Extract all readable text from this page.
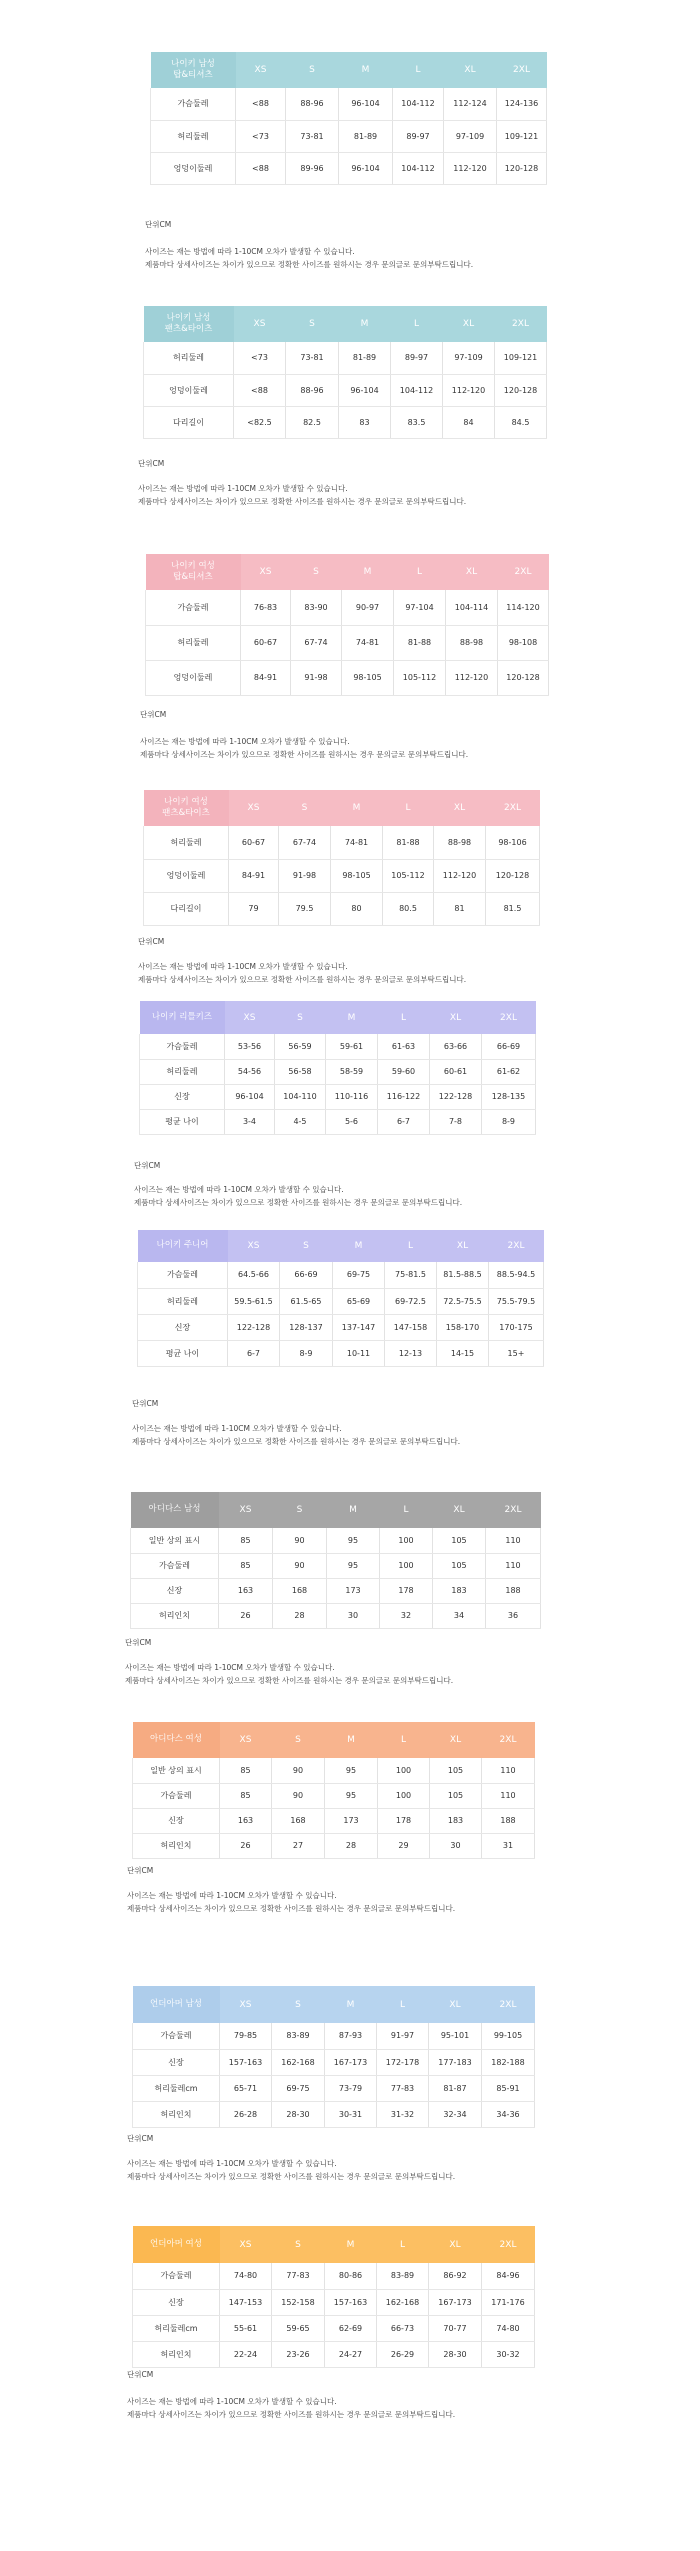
나이키 남성
탑&티셔츠	XS	S	M	L	XL	2XL
가슴둘레	<88	88-96	96-104	104-112	112-124	124-136
허리둘레	<73	73-81	81-89	89-97	97-109	109-121
엉덩이둘레	<88	89-96	96-104	104-112	112-120	120-128
단위CM
사이즈는 재는 방법에 따라 1-10CM 오차가 발생할 수 있습니다.
제품마다 상세사이즈는 차이가 있으므로 정확한 사이즈를 원하시는 경우 문의글로 문의부탁드립니다.
나이키 남성
팬츠&타이츠	XS	S	M	L	XL	2XL
허리둘레	<73	73-81	81-89	89-97	97-109	109-121
엉덩이둘레	<88	88-96	96-104	104-112	112-120	120-128
다리길이	<82.5	82.5	83	83.5	84	84.5
단위CM
사이즈는 재는 방법에 따라 1-10CM 오차가 발생할 수 있습니다.
제품마다 상세사이즈는 차이가 있으므로 정확한 사이즈를 원하시는 경우 문의글로 문의부탁드립니다.
나이키 여성
탑&티셔츠	XS	S	M	L	XL	2XL
가슴둘레	76-83	83-90	90-97	97-104	104-114	114-120
허리둘레	60-67	67-74	74-81	81-88	88-98	98-108
엉덩이둘레	84-91	91-98	98-105	105-112	112-120	120-128
단위CM
사이즈는 재는 방법에 따라 1-10CM 오차가 발생할 수 있습니다.
제품마다 상세사이즈는 차이가 있으므로 정확한 사이즈를 원하시는 경우 문의글로 문의부탁드립니다.
나이키 여성
팬츠&타이츠	XS	S	M	L	XL	2XL
허리둘레	60-67	67-74	74-81	81-88	88-98	98-106
엉덩이둘레	84-91	91-98	98-105	105-112	112-120	120-128
다리길이	79	79.5	80	80.5	81	81.5
단위CM
사이즈는 재는 방법에 따라 1-10CM 오차가 발생할 수 있습니다.
제품마다 상세사이즈는 차이가 있으므로 정확한 사이즈를 원하시는 경우 문의글로 문의부탁드립니다.
나이키 리틀키즈	XS	S	M	L	XL	2XL
가슴둘레	53-56	56-59	59-61	61-63	63-66	66-69
허리둘레	54-56	56-58	58-59	59-60	60-61	61-62
신장	96-104	104-110	110-116	116-122	122-128	128-135
평균 나이	3-4	4-5	5-6	6-7	7-8	8-9
단위CM
사이즈는 재는 방법에 따라 1-10CM 오차가 발생할 수 있습니다.
제품마다 상세사이즈는 차이가 있으므로 정확한 사이즈를 원하시는 경우 문의글로 문의부탁드립니다.
나이키 주니어	XS	S	M	L	XL	2XL
가슴둘레	64.5-66	66-69	69-75	75-81.5	81.5-88.5	88.5-94.5
허리둘레	59.5-61.5	61.5-65	65-69	69-72.5	72.5-75.5	75.5-79.5
신장	122-128	128-137	137-147	147-158	158-170	170-175
평균 나이	6-7	8-9	10-11	12-13	14-15	15+
단위CM
사이즈는 재는 방법에 따라 1-10CM 오차가 발생할 수 있습니다.
제품마다 상세사이즈는 차이가 있으므로 정확한 사이즈를 원하시는 경우 문의글로 문의부탁드립니다.
아디다스 남성	XS	S	M	L	XL	2XL
일반 상의 표시	85	90	95	100	105	110
가슴둘레	85	90	95	100	105	110
신장	163	168	173	178	183	188
허리인치	26	28	30	32	34	36
단위CM
사이즈는 재는 방법에 따라 1-10CM 오차가 발생할 수 있습니다.
제품마다 상세사이즈는 차이가 있으므로 정확한 사이즈를 원하시는 경우 문의글로 문의부탁드립니다.
아디다스 여성	XS	S	M	L	XL	2XL
일반 상의 표시	85	90	95	100	105	110
가슴둘레	85	90	95	100	105	110
신장	163	168	173	178	183	188
허리인치	26	27	28	29	30	31
단위CM
사이즈는 재는 방법에 따라 1-10CM 오차가 발생할 수 있습니다.
제품마다 상세사이즈는 차이가 있으므로 정확한 사이즈를 원하시는 경우 문의글로 문의부탁드립니다.
언더아머 남성	XS	S	M	L	XL	2XL
가슴둘레	79-85	83-89	87-93	91-97	95-101	99-105
신장	157-163	162-168	167-173	172-178	177-183	182-188
허리둘레cm	65-71	69-75	73-79	77-83	81-87	85-91
허리인치	26-28	28-30	30-31	31-32	32-34	34-36
단위CM
사이즈는 재는 방법에 따라 1-10CM 오차가 발생할 수 있습니다.
제품마다 상세사이즈는 차이가 있으므로 정확한 사이즈를 원하시는 경우 문의글로 문의부탁드립니다.
언더아머 여성	XS	S	M	L	XL	2XL
가슴둘레	74-80	77-83	80-86	83-89	86-92	84-96
신장	147-153	152-158	157-163	162-168	167-173	171-176
허리둘레cm	55-61	59-65	62-69	66-73	70-77	74-80
허리인치	22-24	23-26	24-27	26-29	28-30	30-32
단위CM
사이즈는 재는 방법에 따라 1-10CM 오차가 발생할 수 있습니다.
제품마다 상세사이즈는 차이가 있으므로 정확한 사이즈를 원하시는 경우 문의글로 문의부탁드립니다.
